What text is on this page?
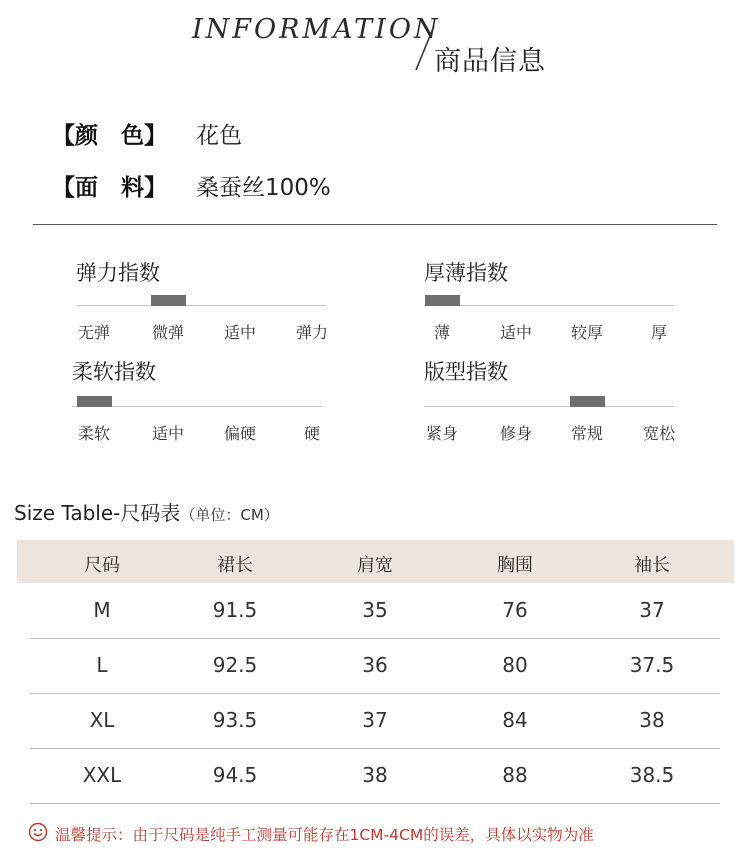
INFORMATION
商品信息
【颜　色】 花色
【面　料】 桑蚕丝100%
弹力指数
无弹	微弹 适中 弹力
厚薄指数
薄	适中 较厚	厚
柔软指数
柔软	适中 偏硬	硬
版型指数
紧身	修身 常规 宽松
Size Table-尺码表（单位：CM）
尺码	裙长	肩宽	胸围	袖长
M	91.5	35	76	37
L	92.5	36	80	37.5
XL	93.5	37	84	38
XXL	94.5	38	88	38.5
温馨提示：由于尺码是纯手工测量可能存在1CM-4CM的误差，具体以实物为准
